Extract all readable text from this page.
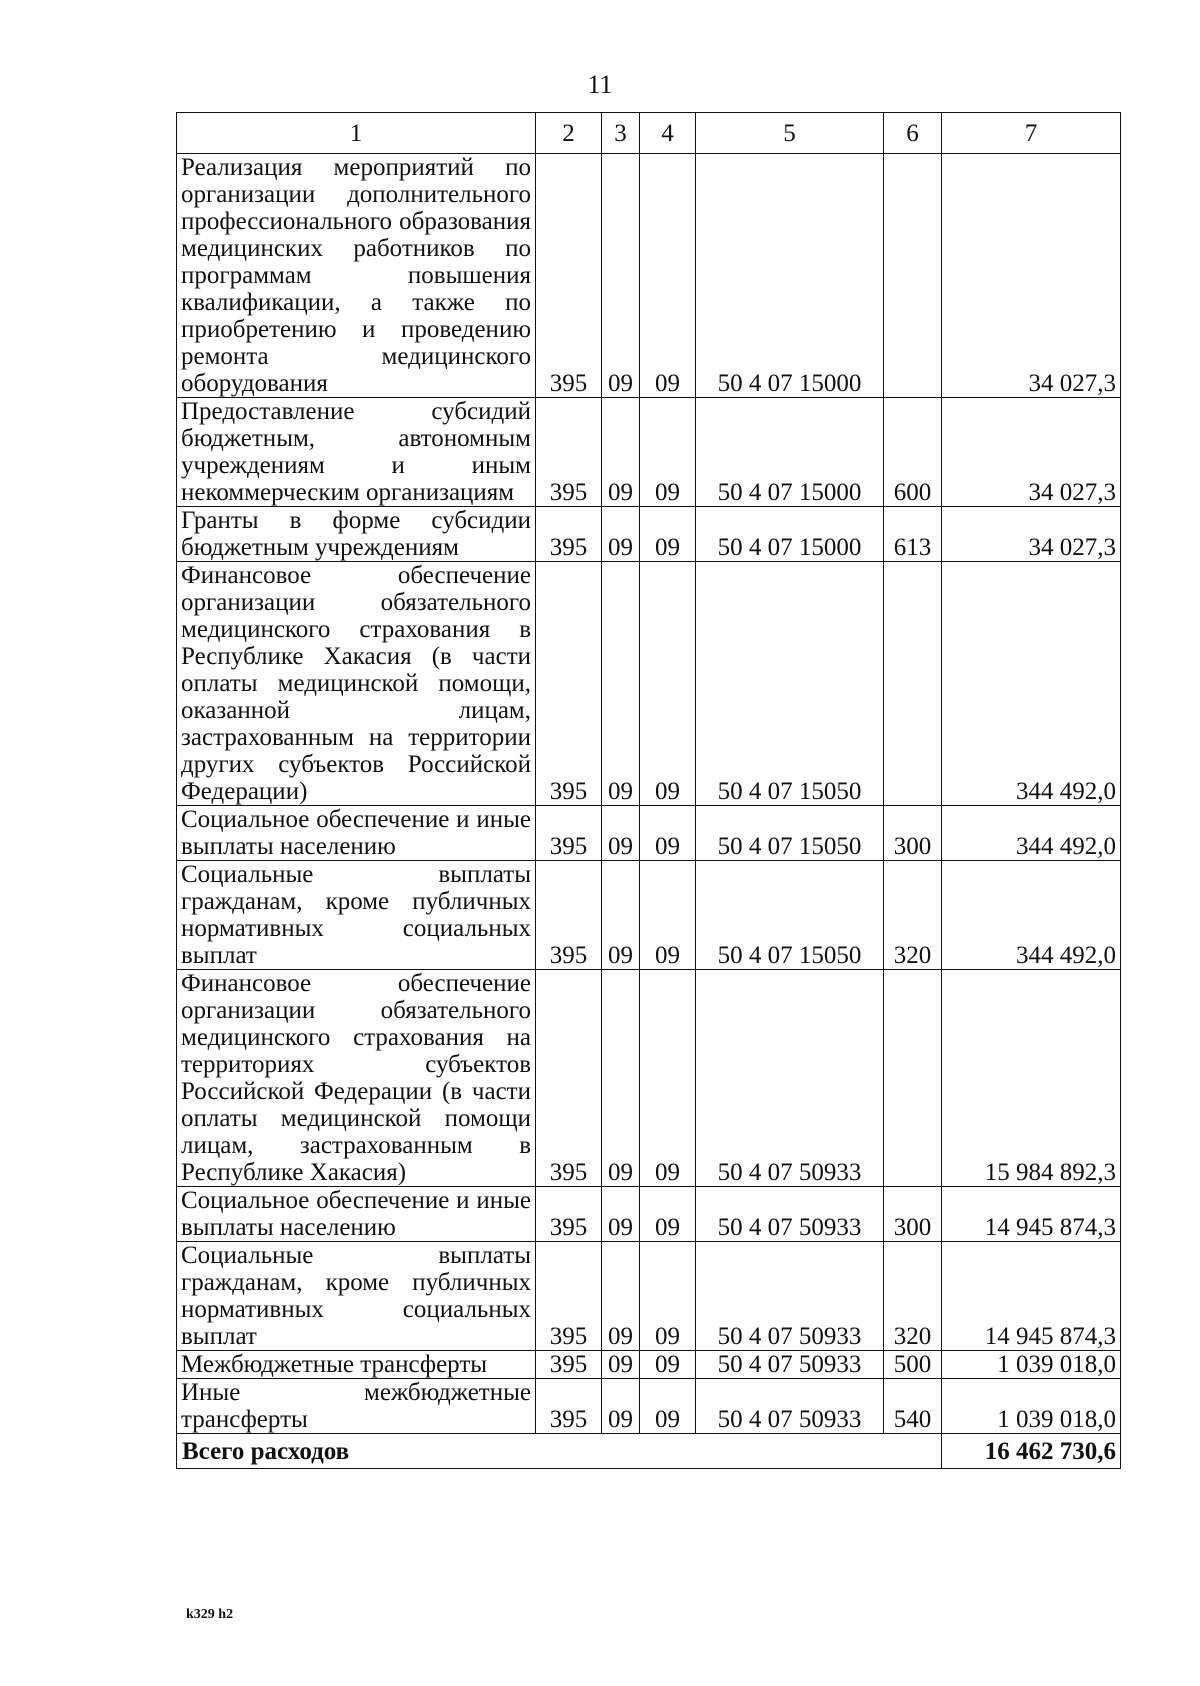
11
1	2	3	4	5	6	7
Реализация мероприятий по организации дополнительного профессионального образования медицинских работников по программам повышения квалификации, а также по приобретению и проведению ремонта медицинского оборудования	395	09	09	50 4 07 15000		34 027,3
Предоставление субсидий бюджетным, автономным учреждениям и иным некоммерческим организациям	395	09	09	50 4 07 15000	600	34 027,3
Гранты в форме субсидии бюджетным учреждениям	395	09	09	50 4 07 15000	613	34 027,3
Финансовое обеспечение организации обязательного медицинского страхования в Республике Хакасия (в части оплаты медицинской помощи, оказанной лицам, застрахованным на территории других субъектов Российской Федерации)	395	09	09	50 4 07 15050		344 492,0
Социальное обеспечение и иные выплаты населению	395	09	09	50 4 07 15050	300	344 492,0
Социальные выплаты гражданам, кроме публичных нормативных социальных выплат	395	09	09	50 4 07 15050	320	344 492,0
Финансовое обеспечение организации обязательного медицинского страхования на территориях субъектов Российской Федерации (в части оплаты медицинской помощи лицам, застрахованным в Республике Хакасия)	395	09	09	50 4 07 50933		15 984 892,3
Социальное обеспечение и иные выплаты населению	395	09	09	50 4 07 50933	300	14 945 874,3
Социальные выплаты гражданам, кроме публичных нормативных социальных выплат	395	09	09	50 4 07 50933	320	14 945 874,3
Межбюджетные трансферты	395	09	09	50 4 07 50933	500	1 039 018,0
Иные межбюджетные трансферты	395	09	09	50 4 07 50933	540	1 039 018,0
Всего расходов						16 462 730,6
k329 h2
